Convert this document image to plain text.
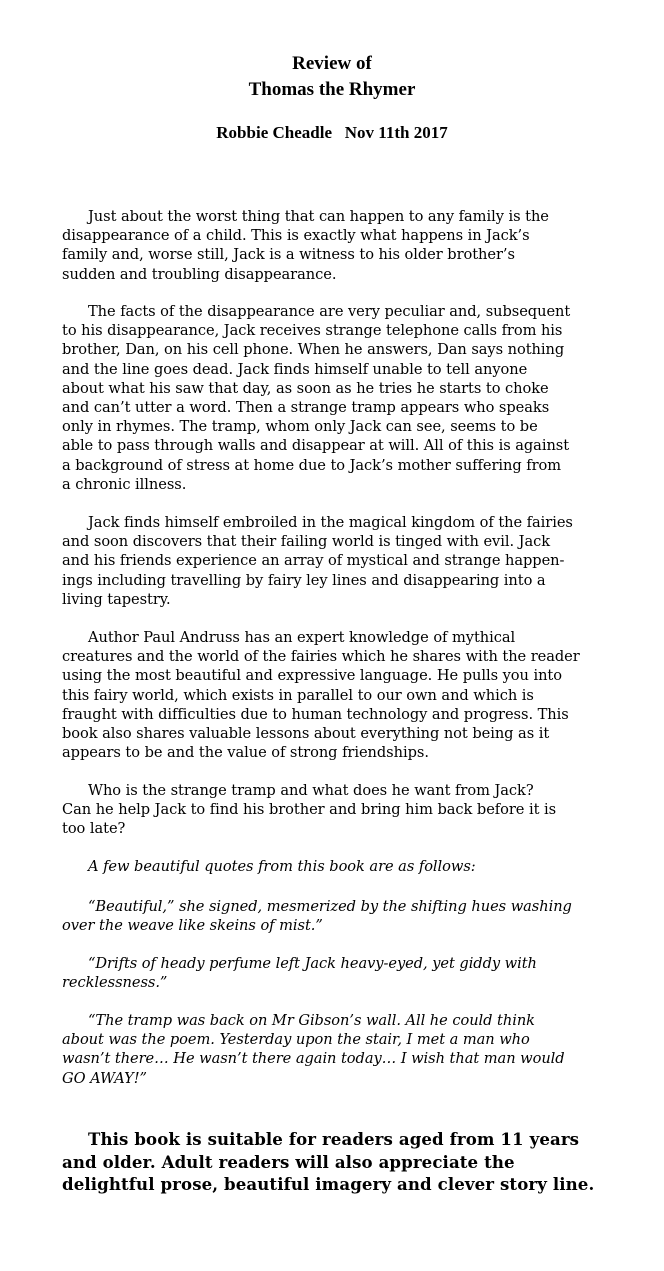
Review of
Thomas the Rhymer
Robbie Cheadle   Nov 11th 2017
Just about the worst thing that can happen to any family is the
disappearance of a child. This is exactly what happens in Jack’s
family and, worse still, Jack is a witness to his older brother’s
sudden and troubling disappearance.
The facts of the disappearance are very peculiar and, subsequent
to his disappearance, Jack receives strange telephone calls from his
brother, Dan, on his cell phone. When he answers, Dan says nothing
and the line goes dead. Jack finds himself unable to tell anyone
about what his saw that day, as soon as he tries he starts to choke
and can’t utter a word. Then a strange tramp appears who speaks
only in rhymes. The tramp, whom only Jack can see, seems to be
able to pass through walls and disappear at will. All of this is against
a background of stress at home due to Jack’s mother suffering from
a chronic illness.
Jack finds himself embroiled in the magical kingdom of the fairies
and soon discovers that their failing world is tinged with evil. Jack
and his friends experience an array of mystical and strange happen-
ings including travelling by fairy ley lines and disappearing into a
living tapestry.
Author Paul Andruss has an expert knowledge of mythical
creatures and the world of the fairies which he shares with the reader
using the most beautiful and expressive language. He pulls you into
this fairy world, which exists in parallel to our own and which is
fraught with difficulties due to human technology and progress. This
book also shares valuable lessons about everything not being as it
appears to be and the value of strong friendships.
Who is the strange tramp and what does he want from Jack?
Can he help Jack to find his brother and bring him back before it is
too late?
A few beautiful quotes from this book are as follows:
“Beautiful,” she signed, mesmerized by the shifting hues washing
over the weave like skeins of mist.”
“Drifts of heady perfume left Jack heavy-eyed, yet giddy with
recklessness.”
“The tramp was back on Mr Gibson’s wall. All he could think
about was the poem. Yesterday upon the stair, I met a man who
wasn’t there… He wasn’t there again today… I wish that man would
GO AWAY!”
This book is suitable for readers aged from 11 years
and older. Adult readers will also appreciate the
delightful prose, beautiful imagery and clever story line.
